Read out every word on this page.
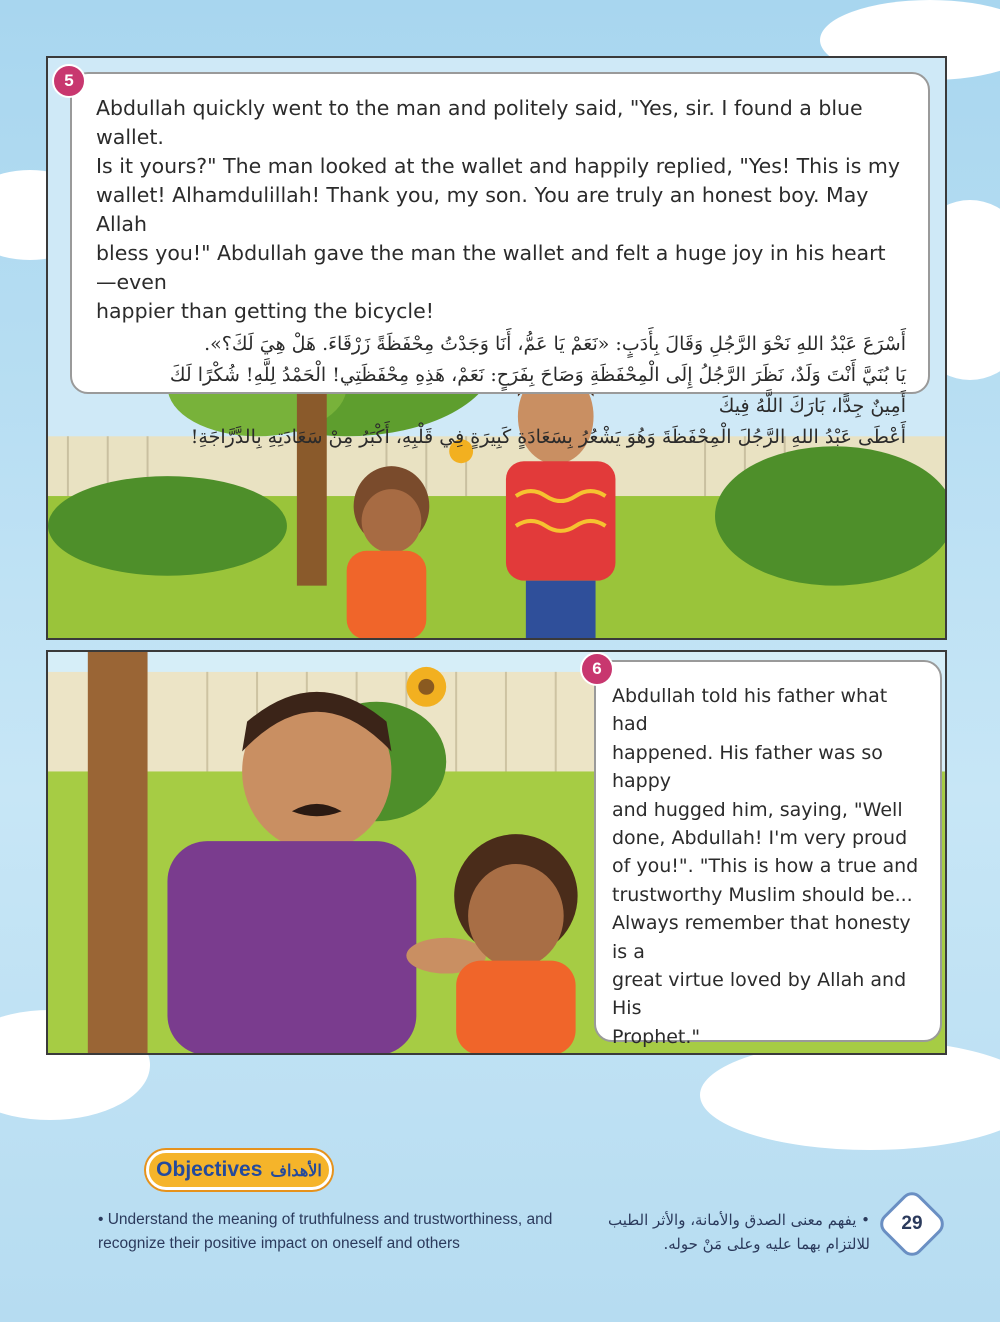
Abdullah quickly went to the man and politely said, "Yes, sir. I found a blue wallet.
Is it yours?" The man looked at the wallet and happily replied, "Yes! This is my
wallet! Alhamdulillah! Thank you, my son. You are truly an honest boy. May Allah
bless you!" Abdullah gave the man the wallet and felt a huge joy in his heart—even
happier than getting the bicycle!
أَسْرَعَ عَبْدُ اللهِ نَحْوَ الرَّجُلِ وَقَالَ بِأَدَبٍ: «نَعَمْ يَا عَمُّ، أَنَا وَجَدْتُ مِحْفَظَةً زَرْقَاءَ. هَلْ هِيَ لَكَ؟».
يَا بُنَيَّ أَنْتَ وَلَدٌ، نَظَرَ الرَّجُلُ إِلَى الْمِحْفَظَةِ وَصَاحَ بِفَرَحٍ: نَعَمْ، هَذِهِ مِحْفَظَتِي! الْحَمْدُ لِلَّهِ! شُكْرًا لَكَ
أَمِينٌ جِدًّا، بَارَكَ اللَّهُ فِيكَ
أَعْطَى عَبْدُ اللهِ الرَّجُلَ الْمِحْفَظَةَ وَهُوَ يَشْعُرُ بِسَعَادَةٍ كَبِيرَةٍ فِي قَلْبِهِ، أَكْبَرُ مِنْ سَعَادَتِهِ بِالدَّرَّاجَةِ!
5
Abdullah told his father what had
happened. His father was so happy
and hugged him, saying, "Well
done, Abdullah! I'm very proud
of you!". "This is how a true and
trustworthy Muslim should be...
Always remember that honesty is a
great virtue loved by Allah and His
Prophet."
6
Objectives الأهداف
• Understand the meaning of truthfulness and trustworthiness, and recognize their positive impact on oneself and others
• يفهم معنى الصدق والأمانة، والأثر الطيب للالتزام بهما عليه وعلى مَنْ حوله.
29
